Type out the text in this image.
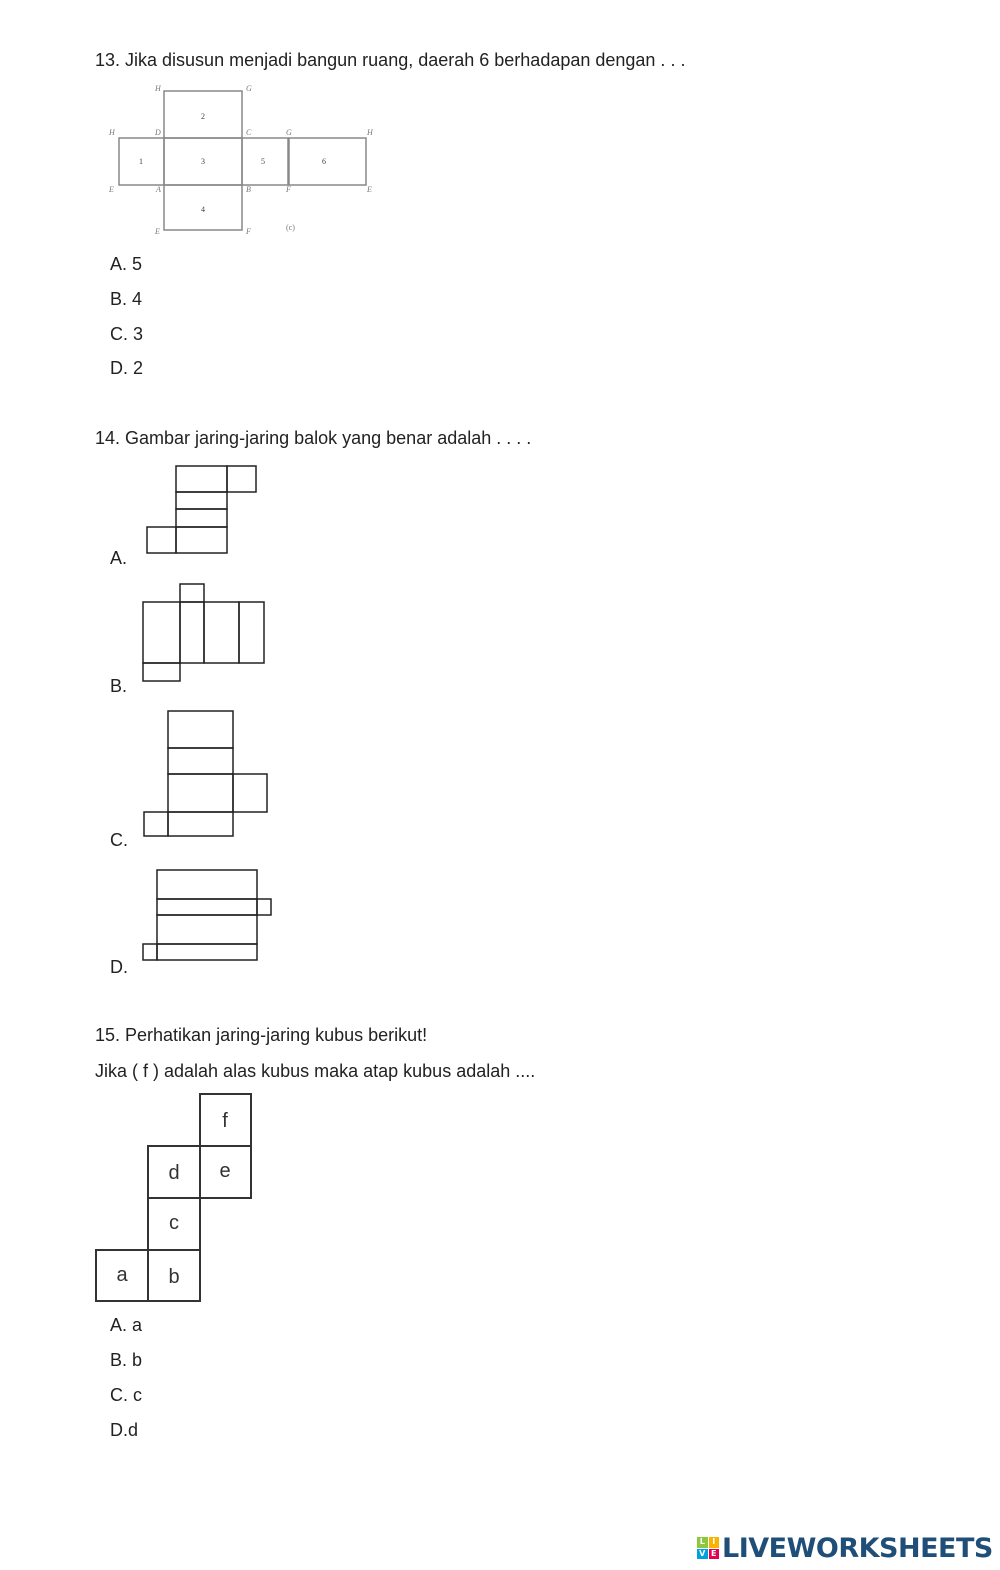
13. Jika disusun menjadi bangun ruang, daerah 6 berhadapan dengan . . .
1
2
3
4
5	6
H	G
H	D	C	G	H
E	A	B	F	E
E	F	(c)
A. 5
B. 4
C. 3
D. 2
14. Gambar jaring-jaring balok yang benar adalah . . . .
A.
B.
C.
D.
15. Perhatikan jaring-jaring kubus berikut!
Jika ( f ) adalah alas kubus maka atap kubus adalah ....
f
d e
c
a b
A. a
B. b
C. c
D.d
L I
V E LIVEWORKSHEETS
